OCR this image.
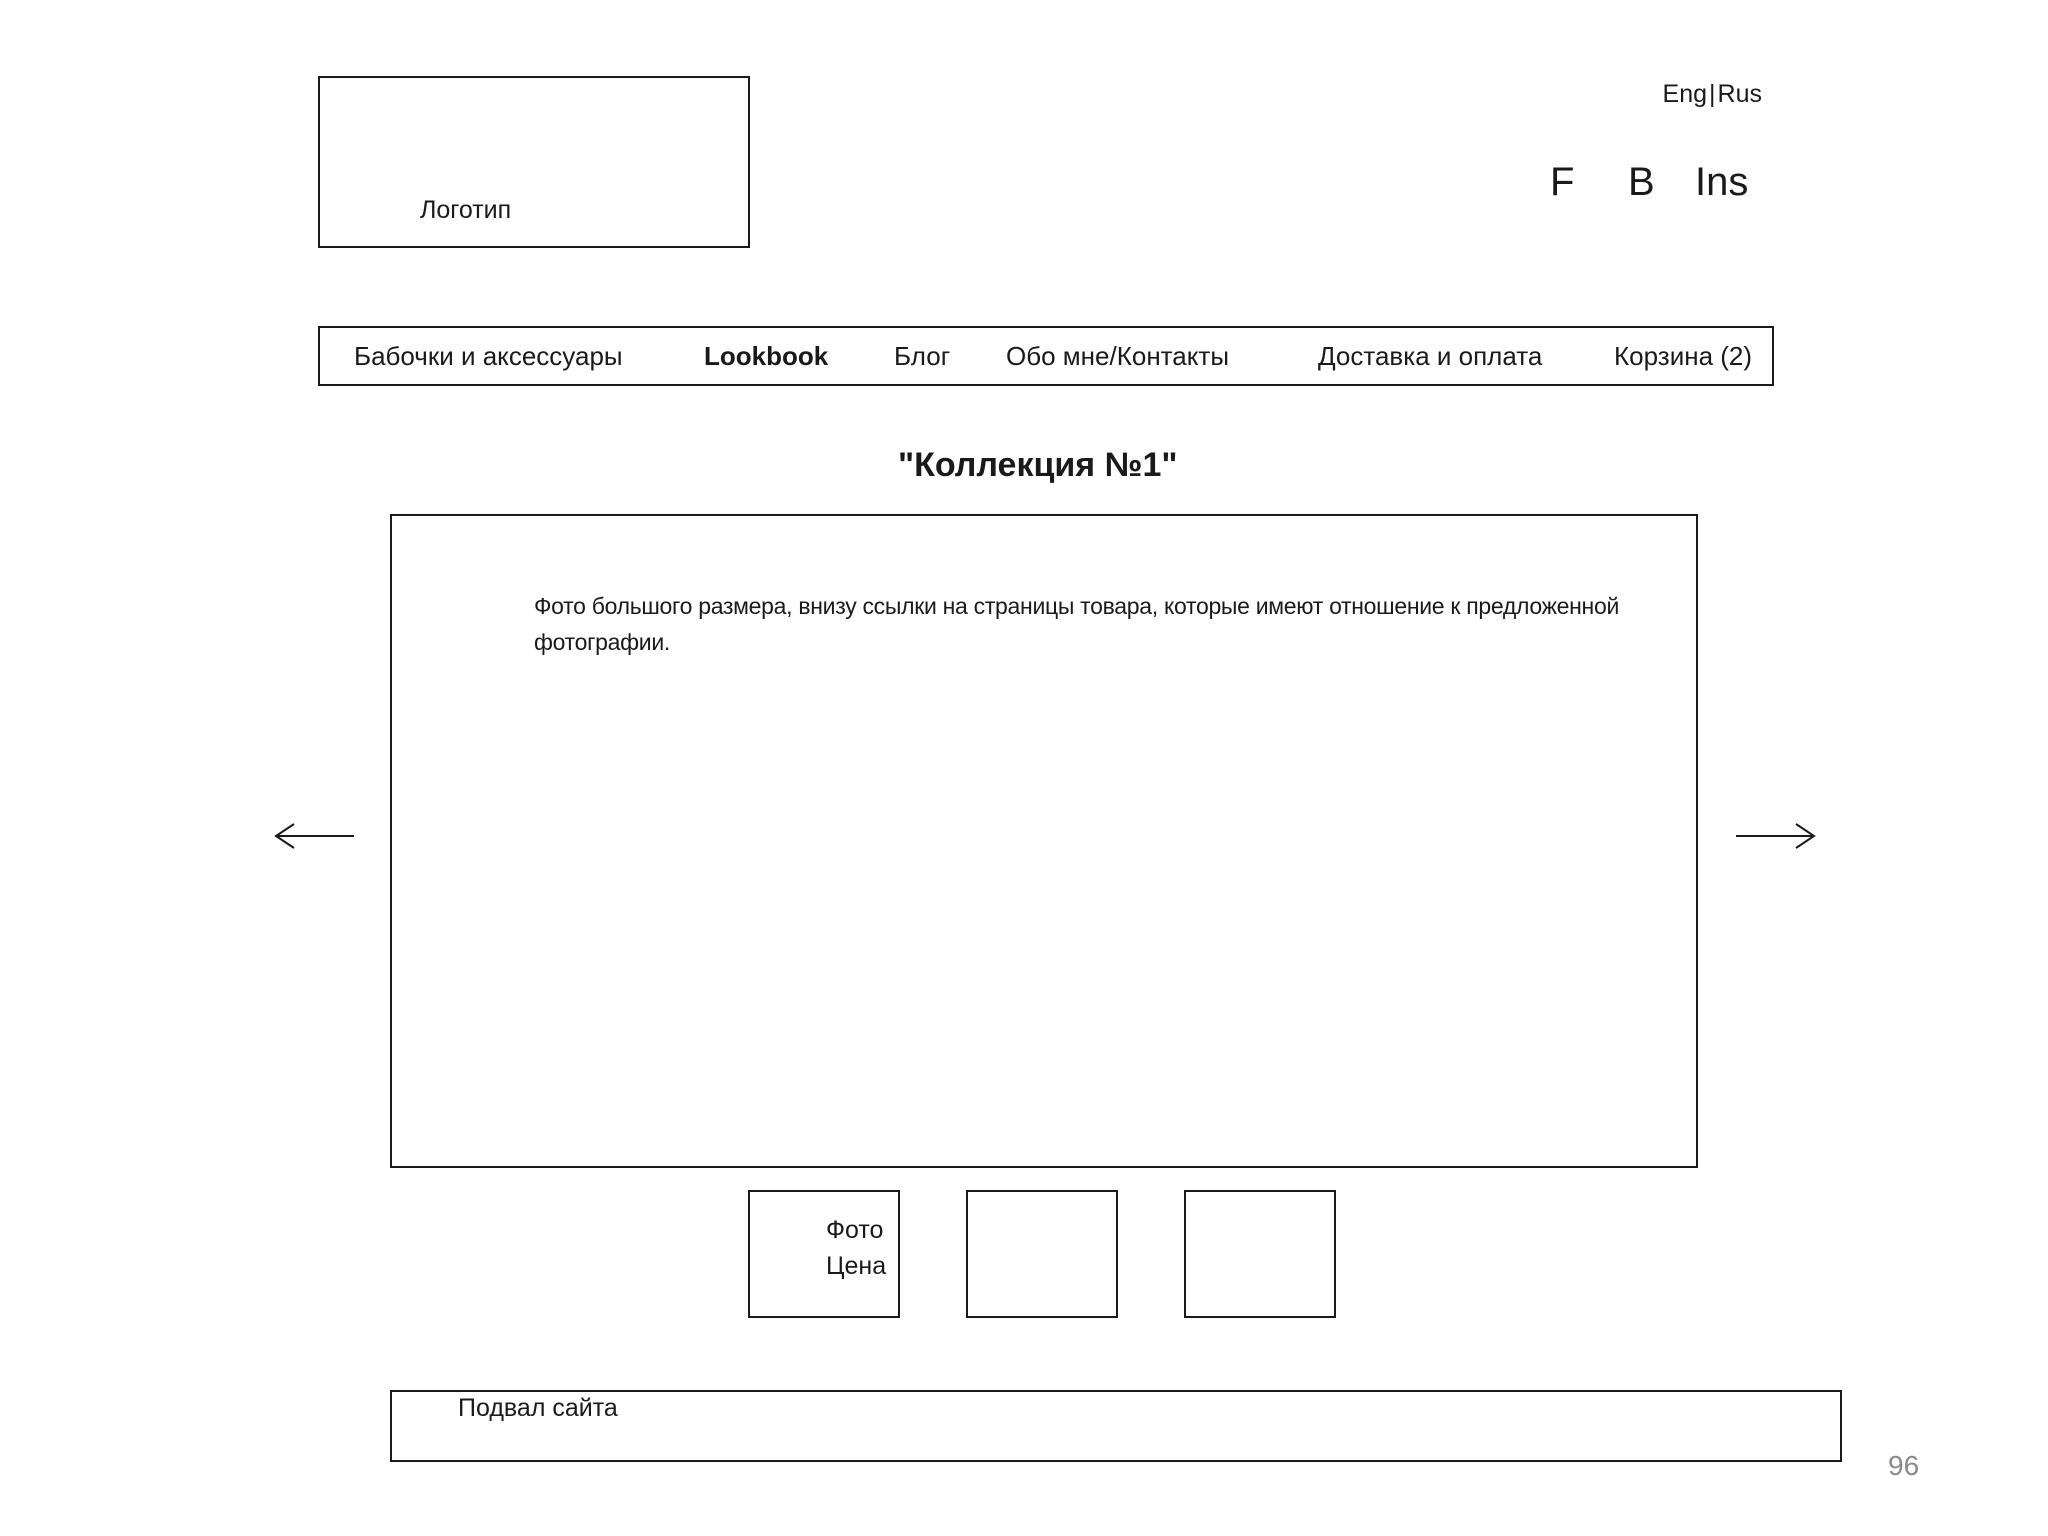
Логотип
Eng|Rus
F B Ins
Бабочки и аксессуары	Lookbook	Блог Обо мне/Контакты	Доставка и оплата	Корзина (2)
"Коллекция №1"
Фото большого размера, внизу ссылки на страницы товара, которые имеют отношение к предложенной фотографии.
Фото
Цена
Подвал сайта
96
